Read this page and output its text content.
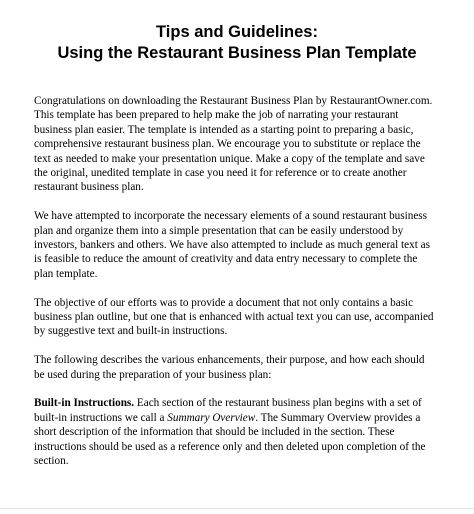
Tips and Guidelines:
Using the Restaurant Business Plan Template

Congratulations on downloading the Restaurant Business Plan by RestaurantOwner.com.
This template has been prepared to help make the job of narrating your restaurant
business plan easier. The template is intended as a starting point to preparing a basic,
comprehensive restaurant business plan. We encourage you to substitute or replace the
text as needed to make your presentation unique. Make a copy of the template and save
the original, unedited template in case you need it for reference or to create another
restaurant business plan.

We have attempted to incorporate the necessary elements of a sound restaurant business
plan and organize them into a simple presentation that can be easily understood by
investors, bankers and others. We have also attempted to include as much general text as
is feasible to reduce the amount of creativity and data entry necessary to complete the
plan template.

The objective of our efforts was to provide a document that not only contains a basic
business plan outline, but one that is enhanced with actual text you can use, accompanied
by suggestive text and built-in instructions.

The following describes the various enhancements, their purpose, and how each should
be used during the preparation of your business plan:

Built-in Instructions. Each section of the restaurant business plan begins with a set of
built-in instructions we call a Summary Overview. The Summary Overview provides a
short description of the information that should be included in the section. These
instructions should be used as a reference only and then deleted upon completion of the
section.
